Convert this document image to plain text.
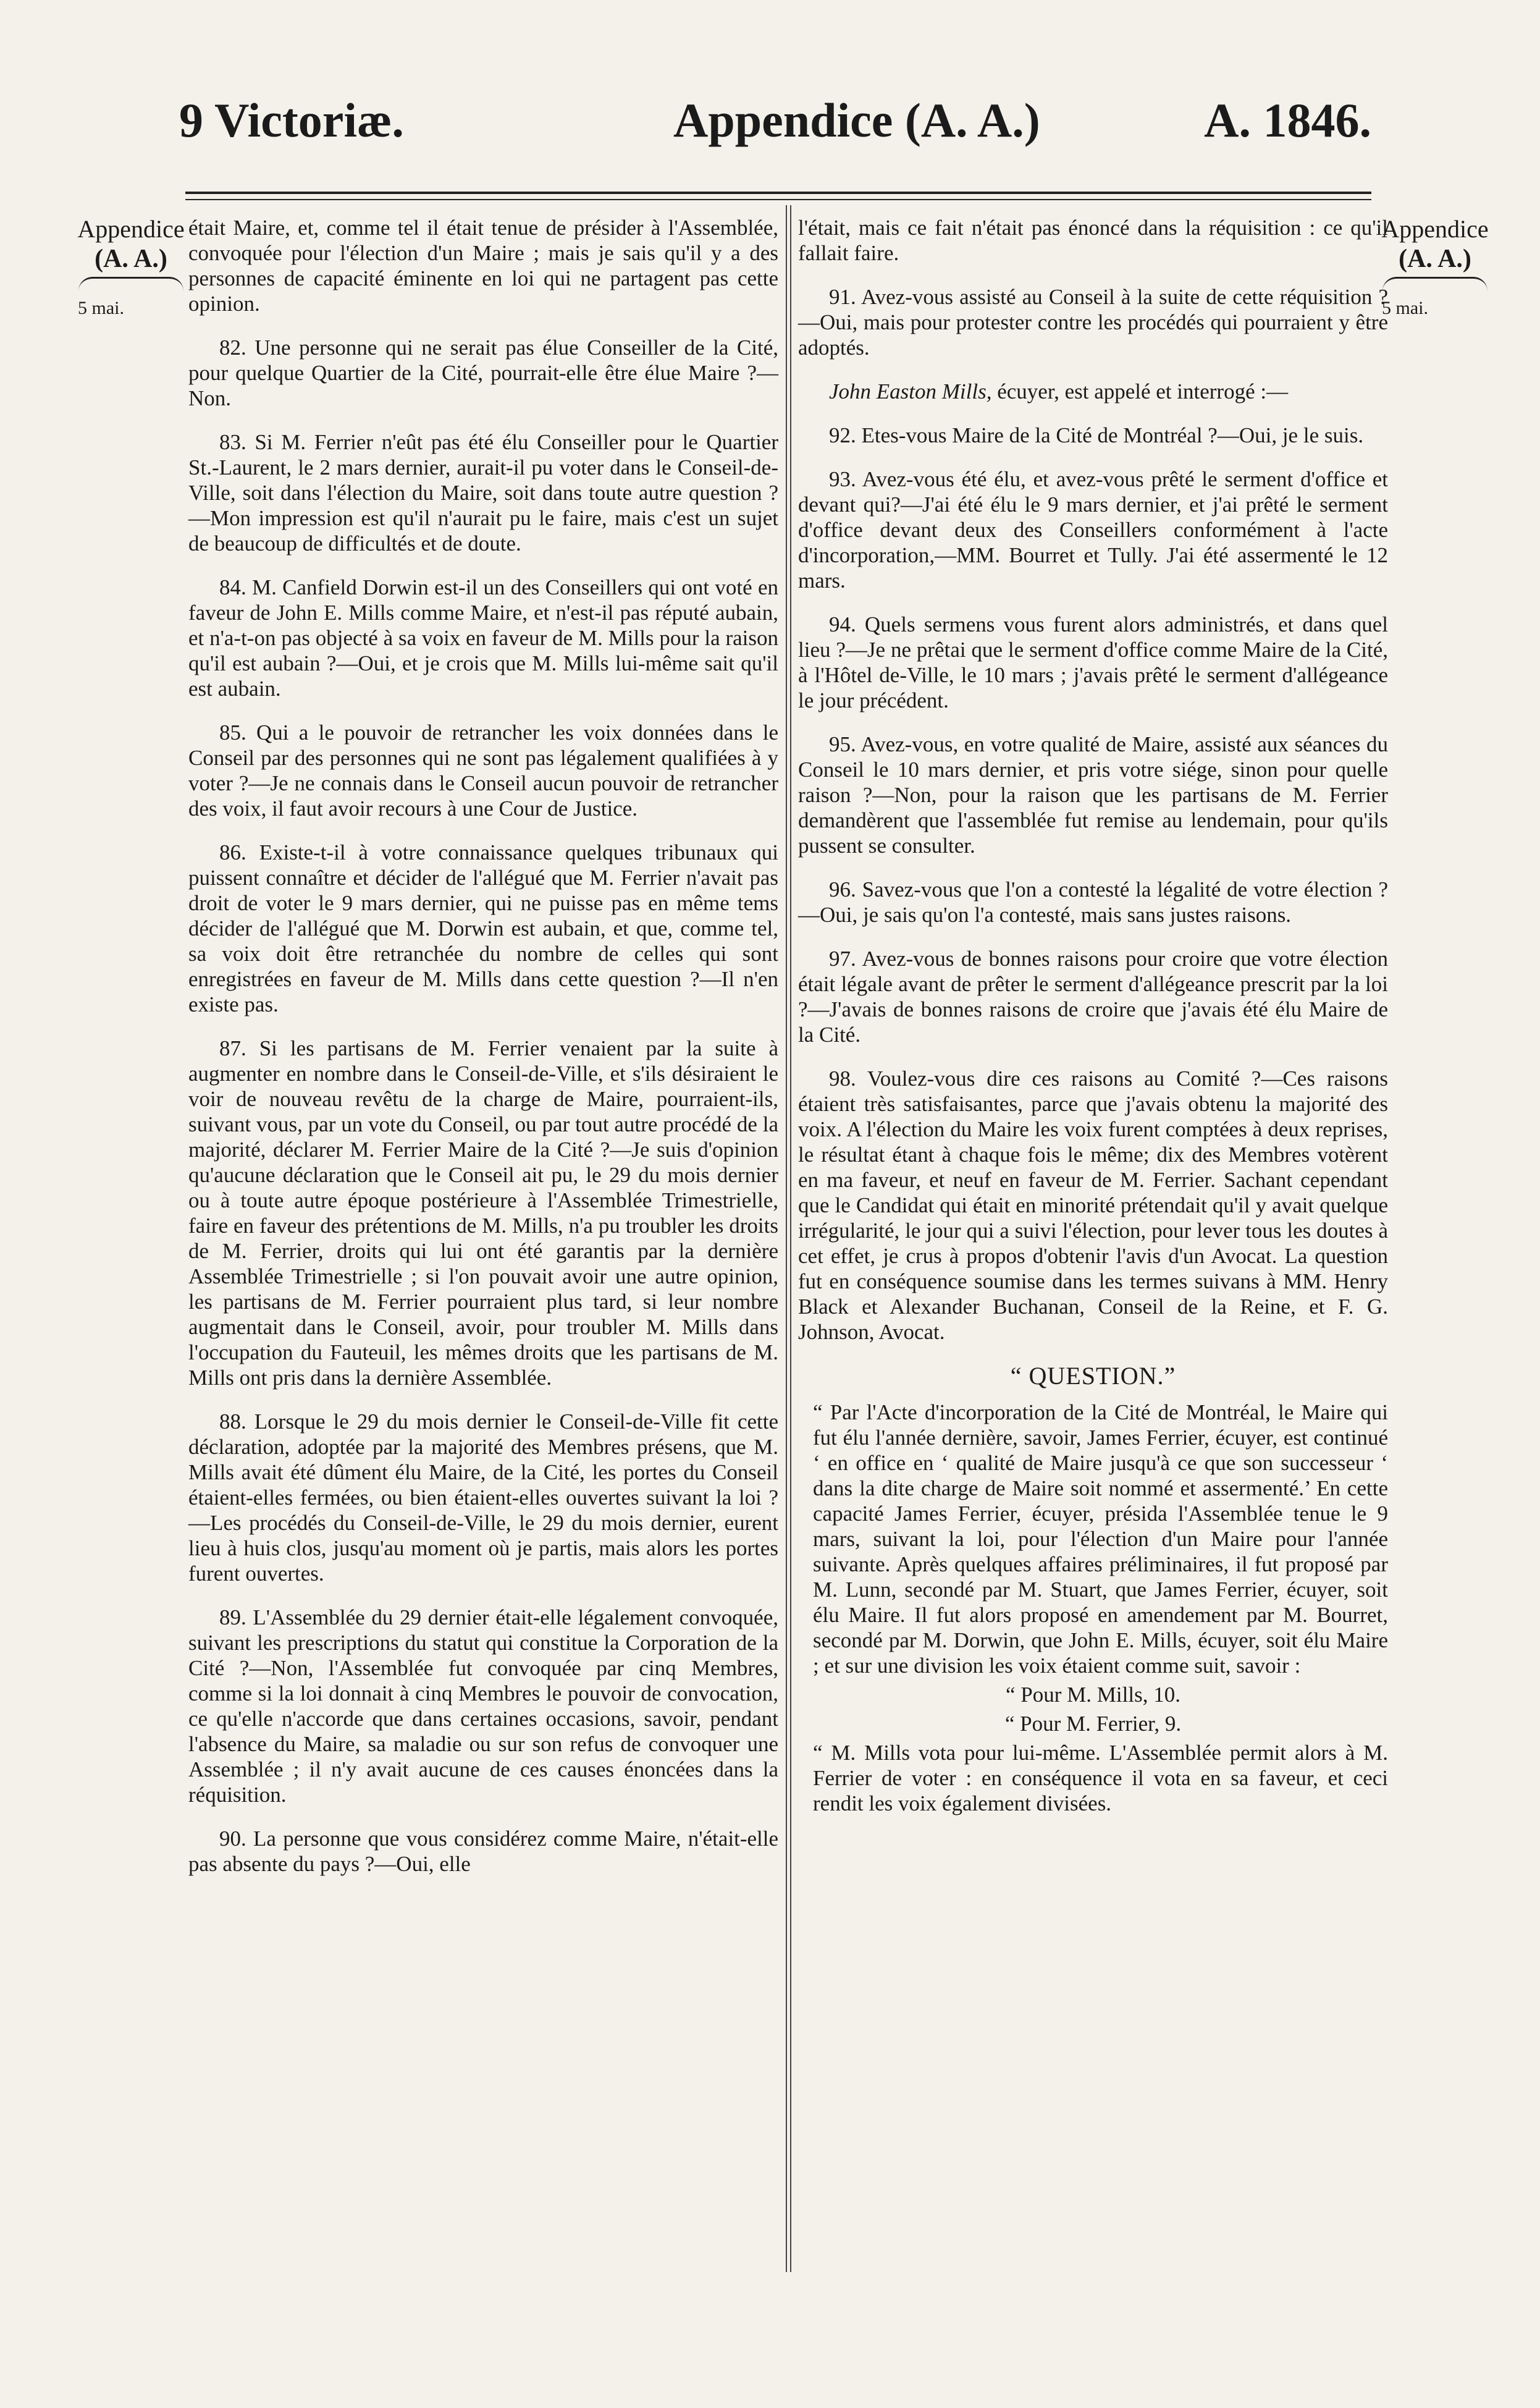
9 Victoriæ.	Appendice (A. A.)	A. 1846.
Appendice
(A. A.)
5 mai.
Appendice
(A. A.)
5 mai.

était Maire, et, comme tel il était tenue de présider à l'Assemblée, convoquée pour l'élection d'un Maire ; mais je sais qu'il y a des personnes de capacité éminente en loi qui ne partagent pas cette opinion.

82. Une personne qui ne serait pas élue Conseiller de la Cité, pour quelque Quartier de la Cité, pourrait-elle être élue Maire ?—Non.

83. Si M. Ferrier n'eût pas été élu Conseiller pour le Quartier St.-Laurent, le 2 mars dernier, aurait-il pu voter dans le Conseil-de-Ville, soit dans l'élection du Maire, soit dans toute autre question ?—Mon impression est qu'il n'aurait pu le faire, mais c'est un sujet de beaucoup de difficultés et de doute.

84. M. Canfield Dorwin est-il un des Conseillers qui ont voté en faveur de John E. Mills comme Maire, et n'est-il pas réputé aubain, et n'a-t-on pas objecté à sa voix en faveur de M. Mills pour la raison qu'il est aubain ?—Oui, et je crois que M. Mills lui-même sait qu'il est aubain.

85. Qui a le pouvoir de retrancher les voix données dans le Conseil par des personnes qui ne sont pas légalement qualifiées à y voter ?—Je ne connais dans le Conseil aucun pouvoir de retrancher des voix, il faut avoir recours à une Cour de Justice.

86. Existe-t-il à votre connaissance quelques tribunaux qui puissent connaître et décider de l'allégué que M. Ferrier n'avait pas droit de voter le 9 mars dernier, qui ne puisse pas en même tems décider de l'allégué que M. Dorwin est aubain, et que, comme tel, sa voix doit être retranchée du nombre de celles qui sont enregistrées en faveur de M. Mills dans cette question ?—Il n'en existe pas.

87. Si les partisans de M. Ferrier venaient par la suite à augmenter en nombre dans le Conseil-de-Ville, et s'ils désiraient le voir de nouveau revêtu de la charge de Maire, pourraient-ils, suivant vous, par un vote du Conseil, ou par tout autre procédé de la majorité, déclarer M. Ferrier Maire de la Cité ?—Je suis d'opinion qu'aucune déclaration que le Conseil ait pu, le 29 du mois dernier ou à toute autre époque postérieure à l'Assemblée Trimestrielle, faire en faveur des prétentions de M. Mills, n'a pu troubler les droits de M. Ferrier, droits qui lui ont été garantis par la dernière Assemblée Trimestrielle ; si l'on pouvait avoir une autre opinion, les partisans de M. Ferrier pourraient plus tard, si leur nombre augmentait dans le Conseil, avoir, pour troubler M. Mills dans l'occupation du Fauteuil, les mêmes droits que les partisans de M. Mills ont pris dans la dernière Assemblée.

88. Lorsque le 29 du mois dernier le Conseil-de-Ville fit cette déclaration, adoptée par la majorité des Membres présens, que M. Mills avait été dûment élu Maire, de la Cité, les portes du Conseil étaient-elles fermées, ou bien étaient-elles ouvertes suivant la loi ?—Les procédés du Conseil-de-Ville, le 29 du mois dernier, eurent lieu à huis clos, jusqu'au moment où je partis, mais alors les portes furent ouvertes.

89. L'Assemblée du 29 dernier était-elle légalement convoquée, suivant les prescriptions du statut qui constitue la Corporation de la Cité ?—Non, l'Assemblée fut convoquée par cinq Membres, comme si la loi donnait à cinq Membres le pouvoir de convocation, ce qu'elle n'accorde que dans certaines occasions, savoir, pendant l'absence du Maire, sa maladie ou sur son refus de convoquer une Assemblée ; il n'y avait aucune de ces causes énoncées dans la réquisition.

90. La personne que vous considérez comme Maire, n'était-elle pas absente du pays ?—Oui, elle

l'était, mais ce fait n'était pas énoncé dans la réquisition : ce qu'il fallait faire.

91. Avez-vous assisté au Conseil à la suite de cette réquisition ?—Oui, mais pour protester contre les procédés qui pourraient y être adoptés.

John Easton Mills, écuyer, est appelé et interrogé :—

92. Etes-vous Maire de la Cité de Montréal ?—Oui, je le suis.

93. Avez-vous été élu, et avez-vous prêté le serment d'office et devant qui?—J'ai été élu le 9 mars dernier, et j'ai prêté le serment d'office devant deux des Conseillers conformément à l'acte d'incorporation,—MM. Bourret et Tully. J'ai été assermenté le 12 mars.

94. Quels sermens vous furent alors administrés, et dans quel lieu ?—Je ne prêtai que le serment d'office comme Maire de la Cité, à l'Hôtel de-Ville, le 10 mars ; j'avais prêté le serment d'allégeance le jour précédent.

95. Avez-vous, en votre qualité de Maire, assisté aux séances du Conseil le 10 mars dernier, et pris votre siége, sinon pour quelle raison ?—Non, pour la raison que les partisans de M. Ferrier demandèrent que l'assemblée fut remise au lendemain, pour qu'ils pussent se consulter.

96. Savez-vous que l'on a contesté la légalité de votre élection ?—Oui, je sais qu'on l'a contesté, mais sans justes raisons.

97. Avez-vous de bonnes raisons pour croire que votre élection était légale avant de prêter le serment d'allégeance prescrit par la loi ?—J'avais de bonnes raisons de croire que j'avais été élu Maire de la Cité.

98. Voulez-vous dire ces raisons au Comité ?—Ces raisons étaient très satisfaisantes, parce que j'avais obtenu la majorité des voix. A l'élection du Maire les voix furent comptées à deux reprises, le résultat étant à chaque fois le même; dix des Membres votèrent en ma faveur, et neuf en faveur de M. Ferrier. Sachant cependant que le Candidat qui était en minorité prétendait qu'il y avait quelque irrégularité, le jour qui a suivi l'élection, pour lever tous les doutes à cet effet, je crus à propos d'obtenir l'avis d'un Avocat. La question fut en conséquence soumise dans les termes suivans à MM. Henry Black et Alexander Buchanan, Conseil de la Reine, et F. G. Johnson, Avocat.

“ QUESTION.”

“ Par l'Acte d'incorporation de la Cité de Montréal, le Maire qui fut élu l'année dernière, savoir, James Ferrier, écuyer, est continué ‘ en office en ‘ qualité de Maire jusqu'à ce que son successeur ‘ dans la dite charge de Maire soit nommé et assermenté.’ En cette capacité James Ferrier, écuyer, présida l'Assemblée tenue le 9 mars, suivant la loi, pour l'élection d'un Maire pour l'année suivante. Après quelques affaires préliminaires, il fut proposé par M. Lunn, secondé par M. Stuart, que James Ferrier, écuyer, soit élu Maire. Il fut alors proposé en amendement par M. Bourret, secondé par M. Dorwin, que John E. Mills, écuyer, soit élu Maire ; et sur une division les voix étaient comme suit, savoir :

“ Pour M. Mills, 10.

“ Pour M. Ferrier, 9.

“ M. Mills vota pour lui-même. L'Assemblée permit alors à M. Ferrier de voter : en conséquence il vota en sa faveur, et ceci rendit les voix également divisées.
